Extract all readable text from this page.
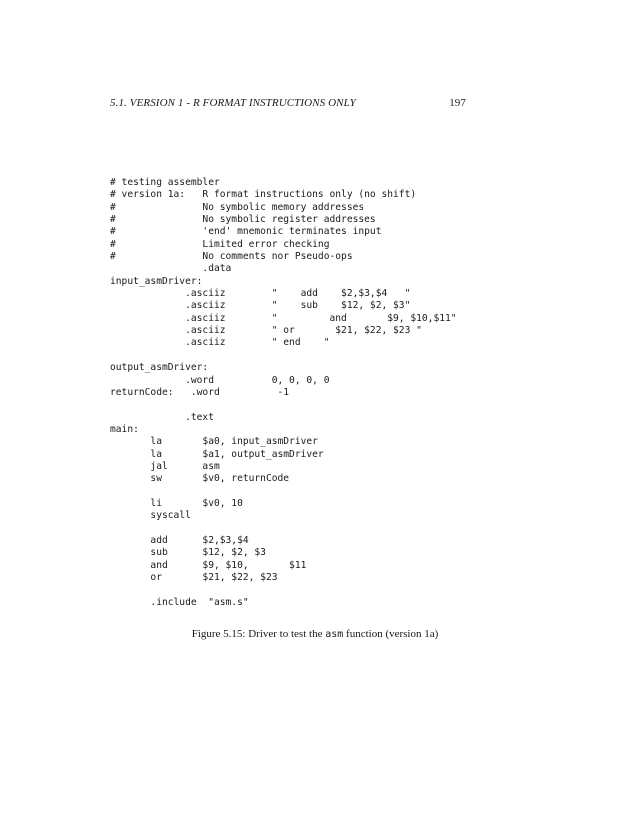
5.1. VERSION 1 - R FORMAT INSTRUCTIONS ONLY	197
# testing assembler
# version 1a:   R format instructions only (no shift)
#               No symbolic memory addresses
#               No symbolic register addresses
#               'end' mnemonic terminates input
#               Limited error checking
#               No comments nor Pseudo-ops
.data
input_asmDriver:
.asciiz        "    add    $2,$3,$4   "
.asciiz        "    sub    $12, $2, $3"
.asciiz        "         and       $9, $10,$11"
.asciiz        " or       $21, $22, $23 "
.asciiz        " end    "
output_asmDriver:
.word          0, 0, 0, 0
returnCode:   .word          -1
.text
main:
la       $a0, input_asmDriver
la       $a1, output_asmDriver
jal      asm
sw       $v0, returnCode
li       $v0, 10
syscall
add      $2,$3,$4
sub      $12, $2, $3
and      $9, $10,       $11
or       $21, $22, $23
.include  "asm.s"
Figure 5.15: Driver to test the asm function (version 1a)
